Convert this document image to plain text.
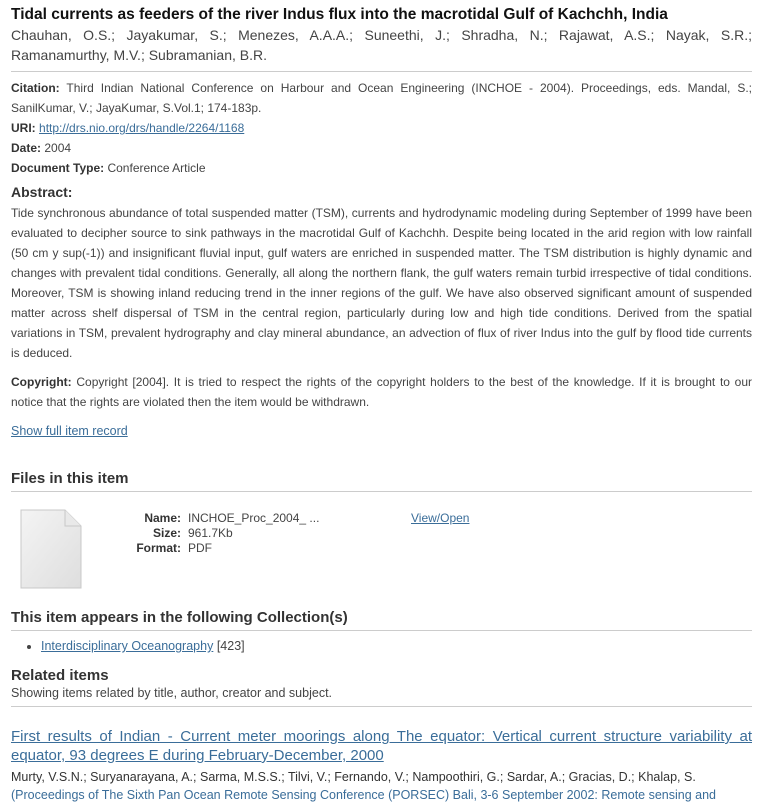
Tidal currents as feeders of the river Indus flux into the macrotidal Gulf of Kachchh, India
Chauhan, O.S.; Jayakumar, S.; Menezes, A.A.A.; Suneethi, J.; Shradha, N.; Rajawat, A.S.; Nayak, S.R.; Ramanamurthy, M.V.; Subramanian, B.R.
Citation: Third Indian National Conference on Harbour and Ocean Engineering (INCHOE - 2004). Proceedings, eds. Mandal, S.; SanilKumar, V.; JayaKumar, S.Vol.1; 174-183p.
URI: http://drs.nio.org/drs/handle/2264/1168
Date: 2004
Document Type: Conference Article
Abstract:
Tide synchronous abundance of total suspended matter (TSM), currents and hydrodynamic modeling during September of 1999 have been evaluated to decipher source to sink pathways in the macrotidal Gulf of Kachchh. Despite being located in the arid region with low rainfall (50 cm y sup(-1)) and insignificant fluvial input, gulf waters are enriched in suspended matter. The TSM distribution is highly dynamic and changes with prevalent tidal conditions. Generally, all along the northern flank, the gulf waters remain turbid irrespective of tidal conditions. Moreover, TSM is showing inland reducing trend in the inner regions of the gulf. We have also observed significant amount of suspended matter across shelf dispersal of TSM in the central region, particularly during low and high tide conditions. Derived from the spatial variations in TSM, prevalent hydrography and clay mineral abundance, an advection of flux of river Indus into the gulf by flood tide currents is deduced.
Copyright: Copyright [2004]. It is tried to respect the rights of the copyright holders to the best of the knowledge. If it is brought to our notice that the rights are violated then the item would be withdrawn.
Show full item record
Files in this item
Name: INCHOE_Proc_2004_ ...
Size: 961.7Kb
Format: PDF
View/Open
This item appears in the following Collection(s)
• Interdisciplinary Oceanography [423]
Related items
Showing items related by title, author, creator and subject.
First results of Indian - Current meter moorings along The equator: Vertical current structure variability at equator, 93 degrees E during February-December, 2000
Murty, V.S.N.; Suryanarayana, A.; Sarma, M.S.S.; Tilvi, V.; Fernando, V.; Nampoothiri, G.; Sardar, A.; Gracias, D.; Khalap, S.
(Proceedings of The Sixth Pan Ocean Remote Sensing Conference (PORSEC) Bali, 3-6 September 2002: Remote sensing and
